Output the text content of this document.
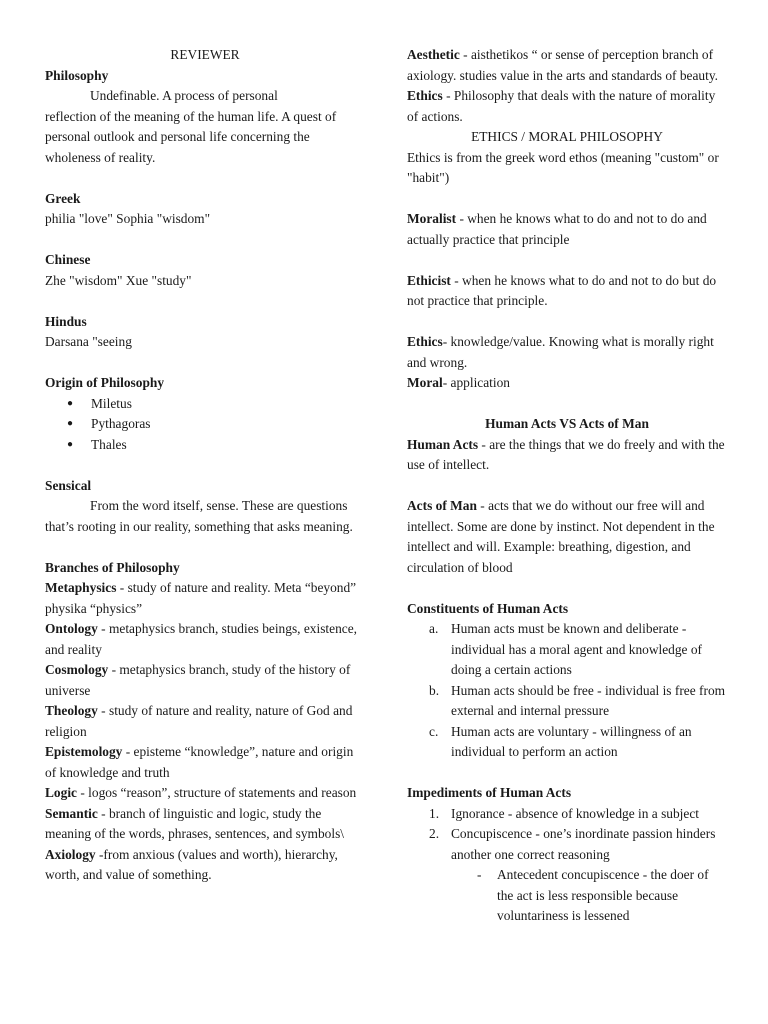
REVIEWER
Philosophy
Undefinable. A process of personal
reflection of the meaning of the human life. A quest of personal outlook and personal life concerning the wholeness of reality.
Greek
philia "love" Sophia "wisdom"
Chinese
Zhe "wisdom" Xue "study"
Hindus
Darsana "seeing
Origin of Philosophy
● Miletus
● Pythagoras
● Thales
Sensical
From the word itself, sense. These are questions that’s rooting in our reality, something that asks meaning.
Branches of Philosophy
Metaphysics - study of nature and reality. Meta “beyond” physika “physics”
Ontology - metaphysics branch, studies beings, existence, and reality
Cosmology - metaphysics branch, study of the history of universe
Theology - study of nature and reality, nature of God and religion
Epistemology - episteme “knowledge”, nature and origin of knowledge and truth
Logic - logos “reason”, structure of statements and reason
Semantic - branch of linguistic and logic, study the meaning of the words, phrases, sentences, and symbols\
Axiology -from anxious (values and worth), hierarchy, worth, and value of something.
Aesthetic - aisthetikos “ or sense of perception branch of axiology. studies value in the arts and standards of beauty.
Ethics - Philosophy that deals with the nature of morality of actions.
ETHICS / MORAL PHILOSOPHY
Ethics is from the greek word ethos (meaning "custom" or "habit")
Moralist - when he knows what to do and not to do and actually practice that principle
Ethicist - when he knows what to do and not to do but do not practice that principle.
Ethics- knowledge/value. Knowing what is morally right and wrong.
Moral- application
Human Acts VS Acts of Man
Human Acts - are the things that we do freely and with the use of intellect.
Acts of Man - acts that we do without our free will and intellect. Some are done by instinct. Not dependent in the intellect and will. Example: breathing, digestion, and circulation of blood
Constituents of Human Acts
a. Human acts must be known and deliberate - individual has a moral agent and knowledge of doing a certain actions
b. Human acts should be free - individual is free from external and internal pressure
c. Human acts are voluntary - willingness of an individual to perform an action
Impediments of Human Acts
1. Ignorance - absence of knowledge in a subject
2. Concupiscence - one’s inordinate passion hinders another one correct reasoning
- Antecedent concupiscence - the doer of the act is less responsible because voluntariness is lessened
